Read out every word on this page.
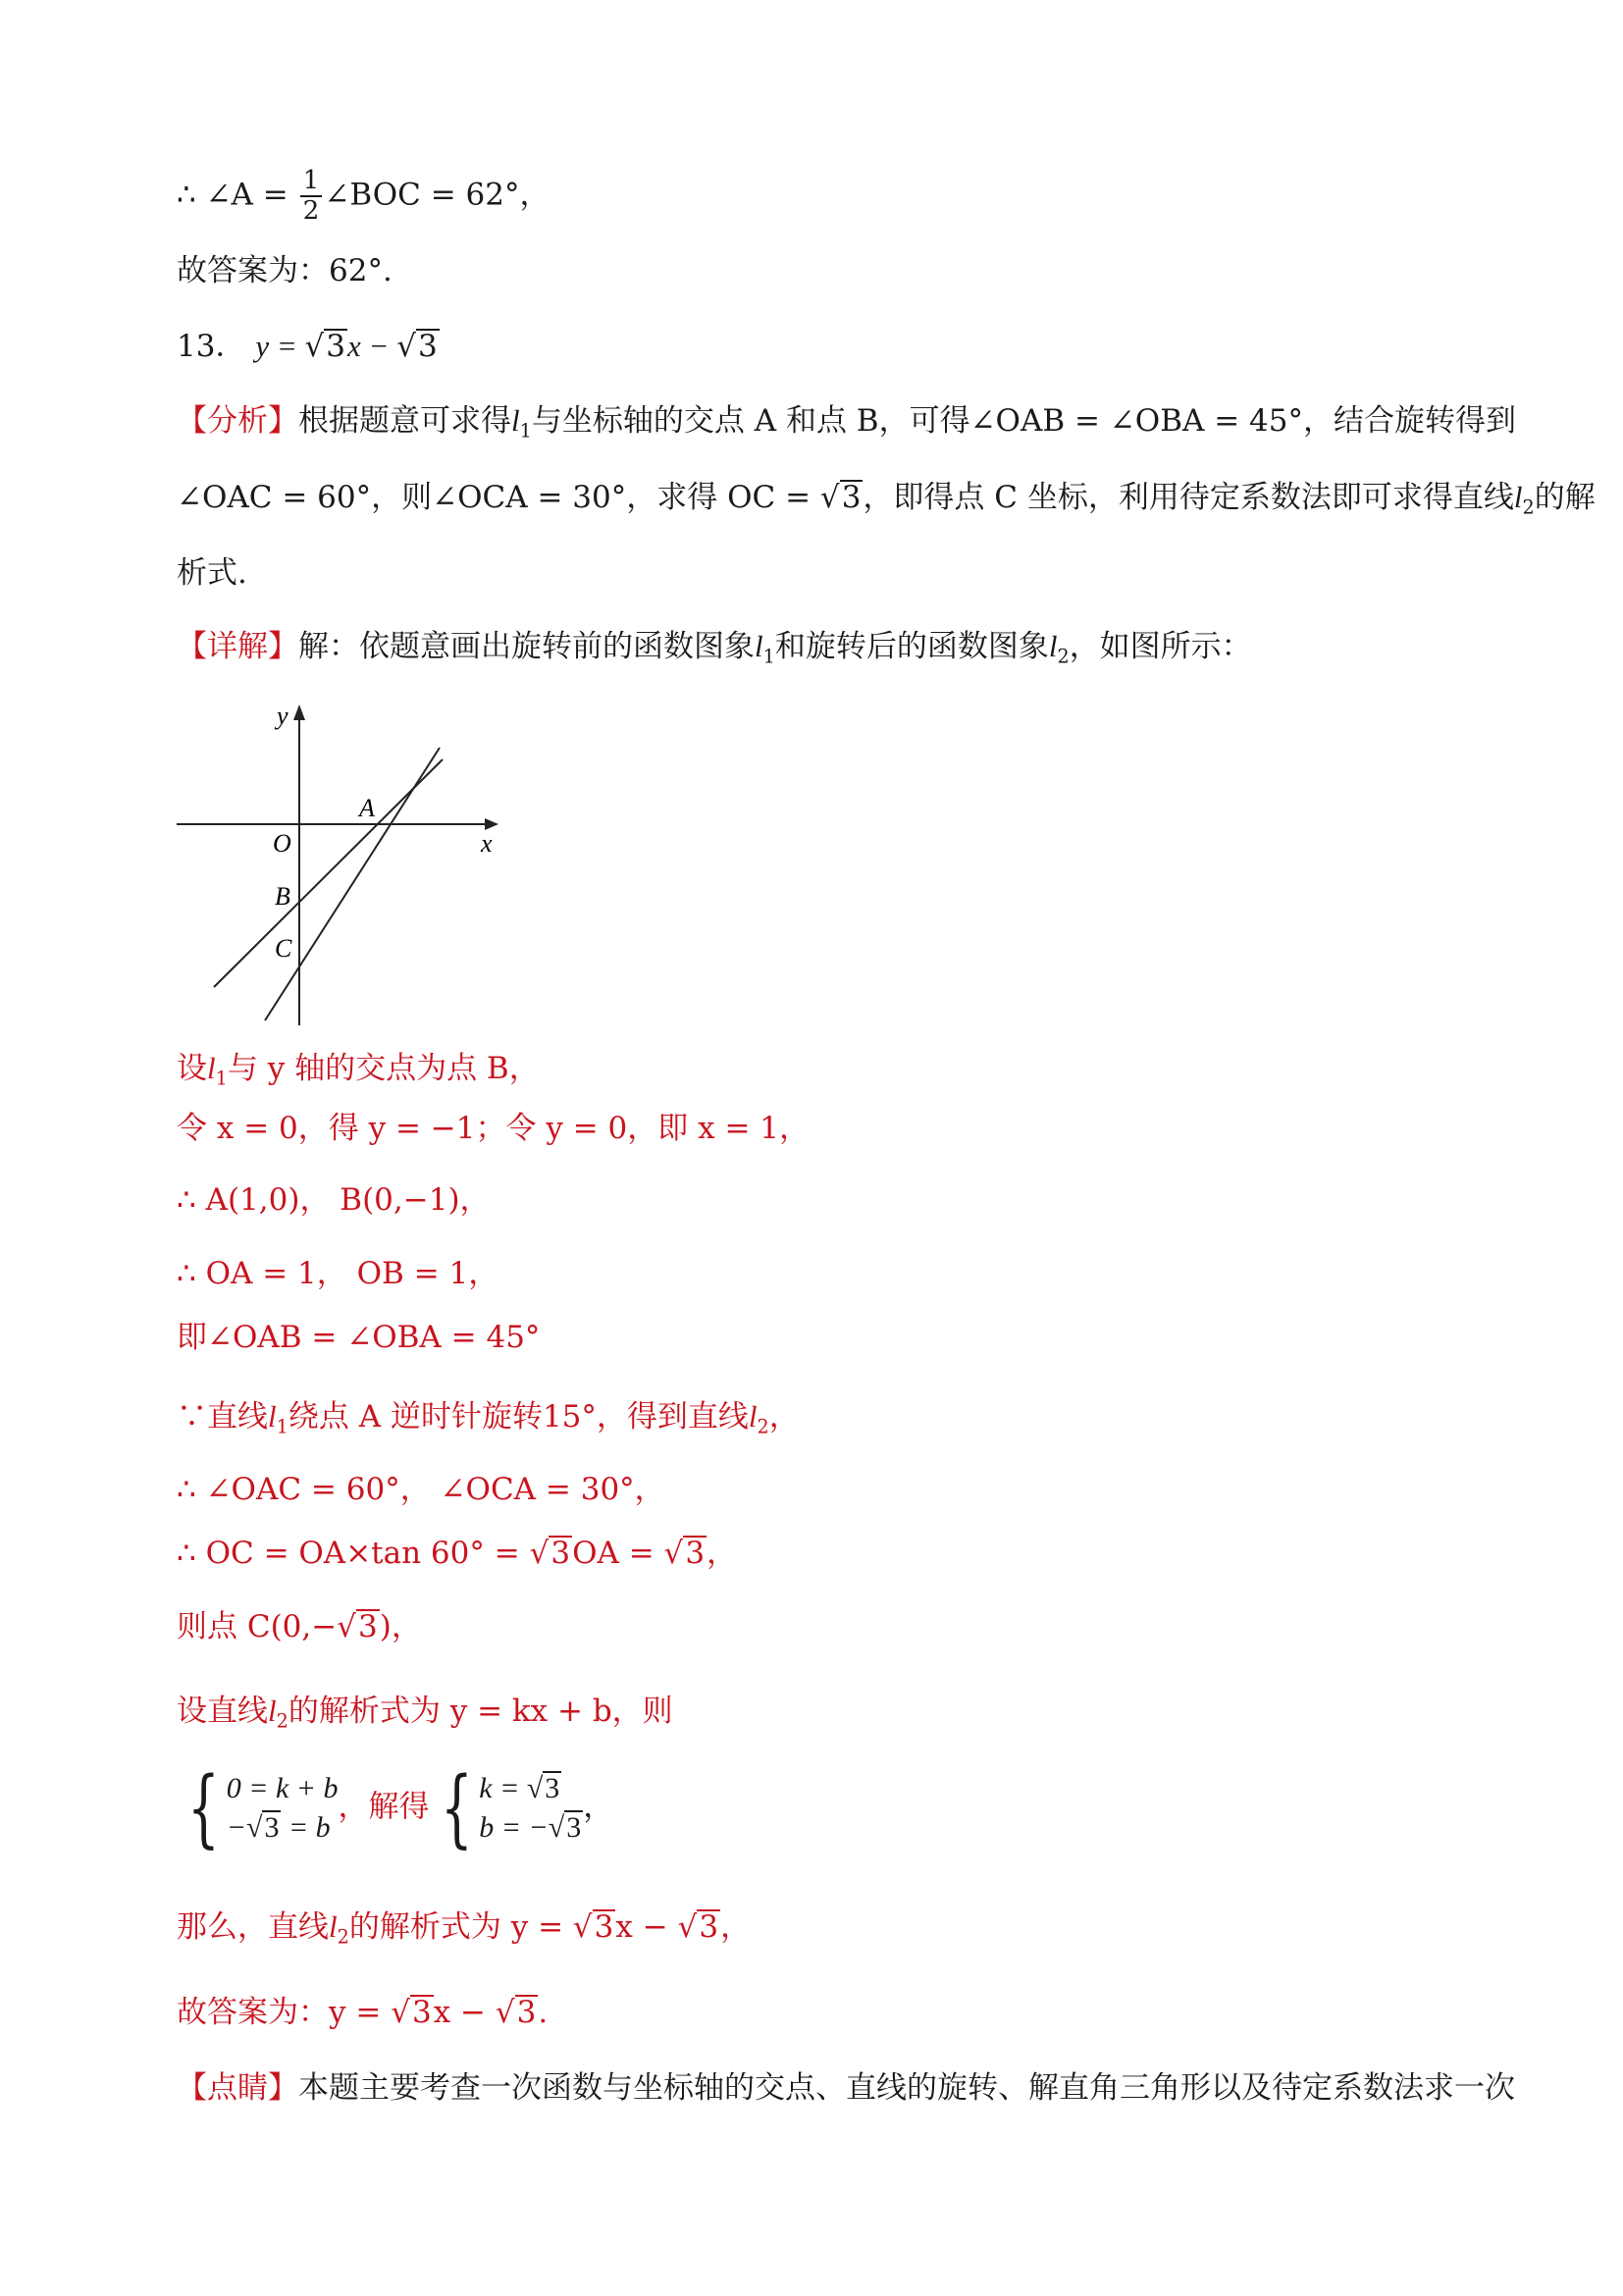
∴ ∠A = $\frac{1}{2}$ ∠BOC = 62°，
故答案为：62°.
13． y = √3x − √3
【分析】根据题意可求得$l_1$与坐标轴的交点 A 和点 B，可得∠OAB = ∠OBA = 45°，结合旋转得到
∠OAC = 60°，则∠OCA = 30°，求得 OC = √3，即得点 C 坐标，利用待定系数法即可求得直线$l_2$的解
析式.
【详解】解：依题意画出旋转前的函数图象$l_1$和旋转后的函数图象$l_2$，如图所示：
y
x
O
A
B
C
设$l_1$与 y 轴的交点为点 B，
令 x = 0，得 y = −1；令 y = 0，即 x = 1，
∴ A(1,0)， B(0,−1)，
∴ OA = 1， OB = 1，
即∠OAB = ∠OBA = 45°
∵直线$l_1$绕点 A 逆时针旋转15°，得到直线$l_2$，
∴ ∠OAC = 60°， ∠OCA = 30°，
∴ OC = OA×tan 60° = √3OA = √3，
则点 C(0,−√3)，
设直线$l_2$的解析式为 y = kx + b，则
{ 0 = k + b
−√3 = b
，解得 { k = √3
b = −√3
，
那么，直线$l_2$的解析式为 y = √3x − √3，
故答案为：y = √3x − √3.
【点睛】本题主要考查一次函数与坐标轴的交点、直线的旋转、解直角三角形以及待定系数法求一次
